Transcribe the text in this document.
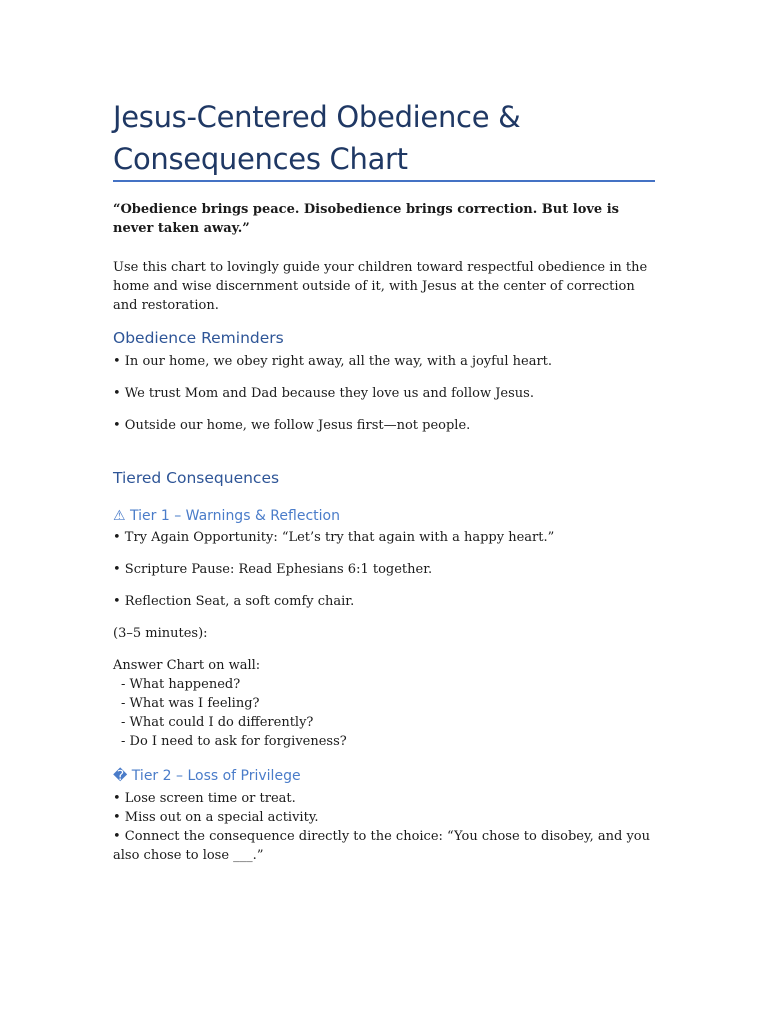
Jesus-Centered Obedience & Consequences Chart
“Obedience brings peace. Disobedience brings correction. But love is never taken away.”
Use this chart to lovingly guide your children toward respectful obedience in the home and wise discernment outside of it, with Jesus at the center of correction and restoration.
Obedience Reminders
• In our home, we obey right away, all the way, with a joyful heart.
• We trust Mom and Dad because they love us and follow Jesus.
• Outside our home, we follow Jesus first—not people.
Tiered Consequences
⚠ Tier 1 – Warnings & Reflection
• Try Again Opportunity: “Let’s try that again with a happy heart.”
• Scripture Pause: Read Ephesians 6:1 together.
• Reflection Seat, a soft comfy chair.
(3–5 minutes):
Answer Chart on wall:
- What happened?
- What was I feeling?
- What could I do differently?
- Do I need to ask for forgiveness?
� Tier 2 – Loss of Privilege
• Lose screen time or treat.
• Miss out on a special activity.
• Connect the consequence directly to the choice: “You chose to disobey, and you also chose to lose ___.”
